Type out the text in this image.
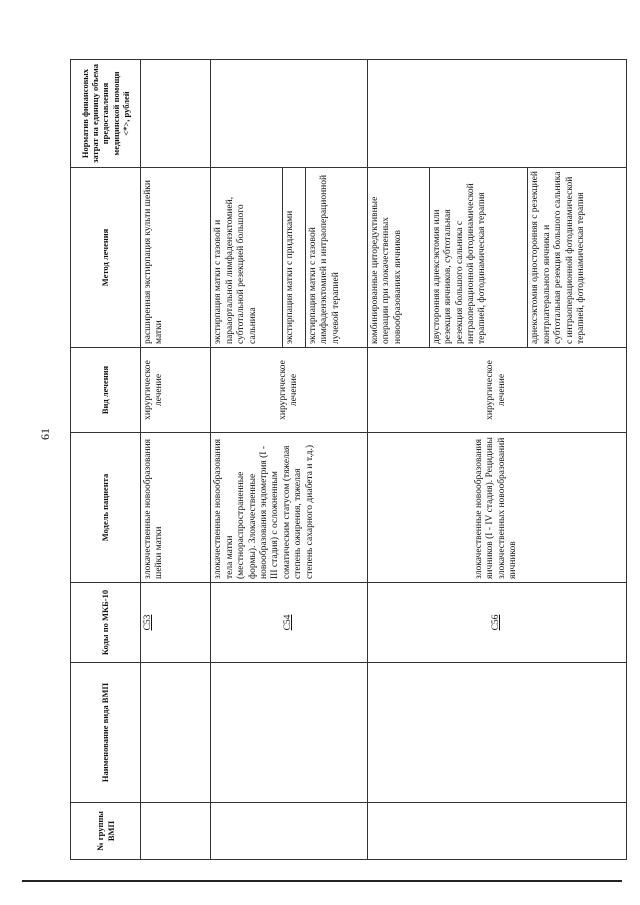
61
№ группы ВМП	Наименование вида ВМП	Коды по МКБ-10	Модель пациента	Вид лечения	Метод лечения	Норматив финансовых затрат на единицу объема предоставления медицинской помощи <*>, рублей
		C53	злокачественные новообразования шейки матки	хирургическое лечение	расширенная экстирпация культи шейки матки	
		C54	злокачественные новообразования тела матки (местнораспространенные формы). Злокачественные новообразования эндометрия (I - III стадия) с осложненным соматическим статусом (тяжелая степень ожирения, тяжелая степень сахарного диабета и т.д.)	хирургическое лечение	экстирпация матки с тазовой и парааортальной лимфаденэктомией, субтотальной резекцией большого сальника	
					экстирпация матки с придатками	
					экстирпация матки с тазовой лимфаденэктомией и интраоперационной лучевой терапией	
		C56	злокачественные новообразования яичников (I - IV стадия). Рецидивы злокачественных новообразований яичников	хирургическое лечение	комбинированные циторедуктивные операции при злокачественных новообразованиях яичников	
					двусторонняя аднексэктомия или резекция яичников, субтотальная резекция большого сальника с интраоперационной фотодинамической терапией, фотодинамическая терапия	
					аднексэктомия односторонняя с резекцией контрлатерального яичника и субтотальная резекция большого сальника с интраоперационной фотодинамической терапией, фотодинамическая терапия	
